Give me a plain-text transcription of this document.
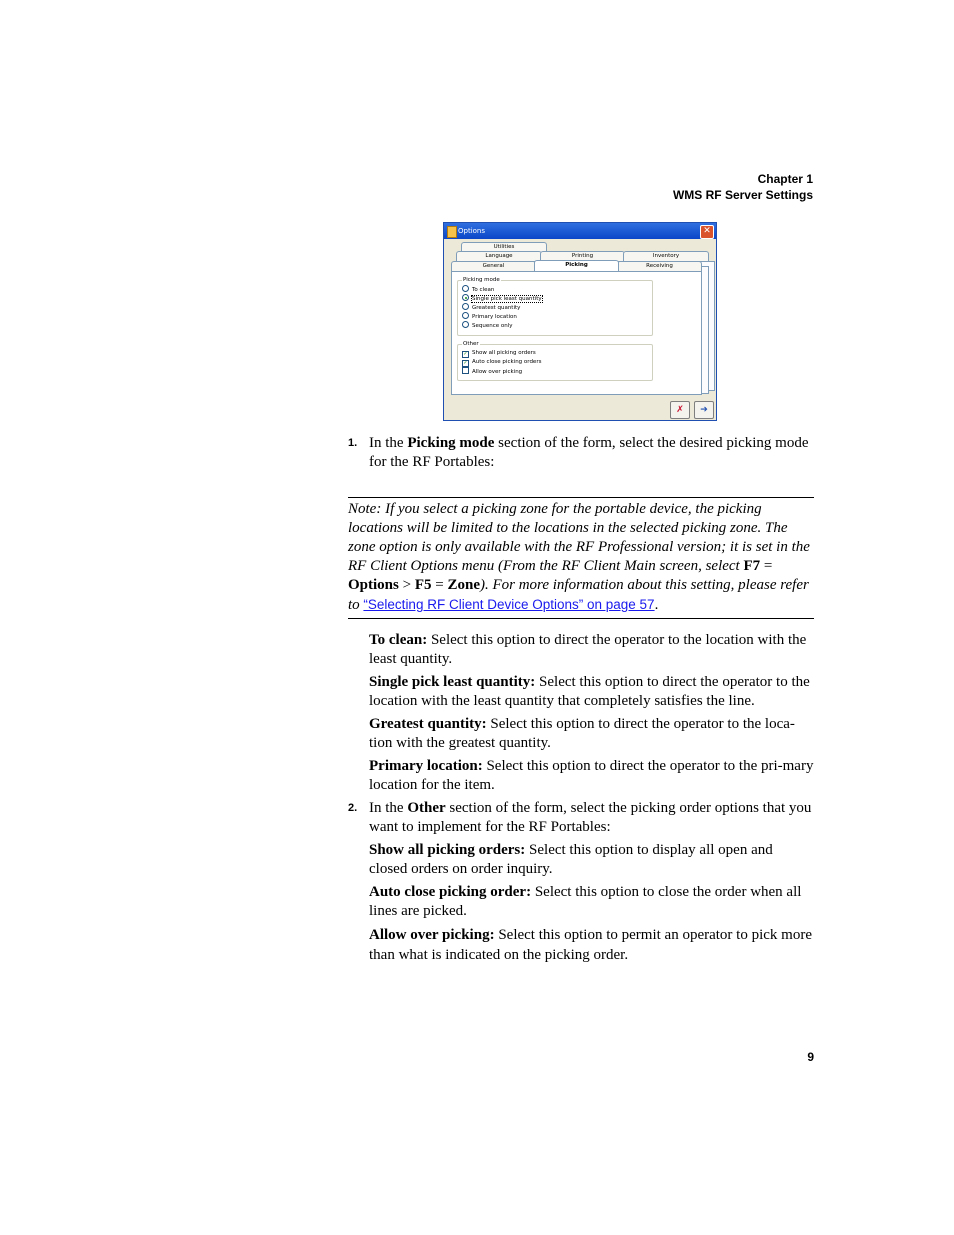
Chapter 1
WMS RF Server Settings
Options	✕
Utilities
Language	Printing	Inventory
General	Picking	Receiving
Picking mode
To clean
Single pick least quantity
Greatest quantity
Primary location
Sequence only
Other
✓ Show all picking orders
✓ Auto close picking orders
Allow over picking
✗	➔
1. In the Picking mode section of the form, select the desired picking mode for the RF Portables:
Note: If you select a picking zone for the portable device, the picking locations will be limited to the locations in the selected picking zone. The zone option is only available with the RF Professional version; it is set in the RF Client Options menu (From the RF Client Main screen, select F7 =
Options > F5 = Zone). For more information about this setting, please refer to “Selecting RF Client Device Options” on page 57.
To clean: Select this option to direct the operator to the location with the least quantity.
Single pick least quantity: Select this option to direct the operator to the location with the least quantity that completely satisfies the line.
Greatest quantity: Select this option to direct the operator to the loca-tion with the greatest quantity.
Primary location: Select this option to direct the operator to the pri-mary location for the item.
2. In the Other section of the form, select the picking order options that you want to implement for the RF Portables:
Show all picking orders: Select this option to display all open and closed orders on order inquiry.
Auto close picking order: Select this option to close the order when all lines are picked.
Allow over picking: Select this option to permit an operator to pick more than what is indicated on the picking order.
9
